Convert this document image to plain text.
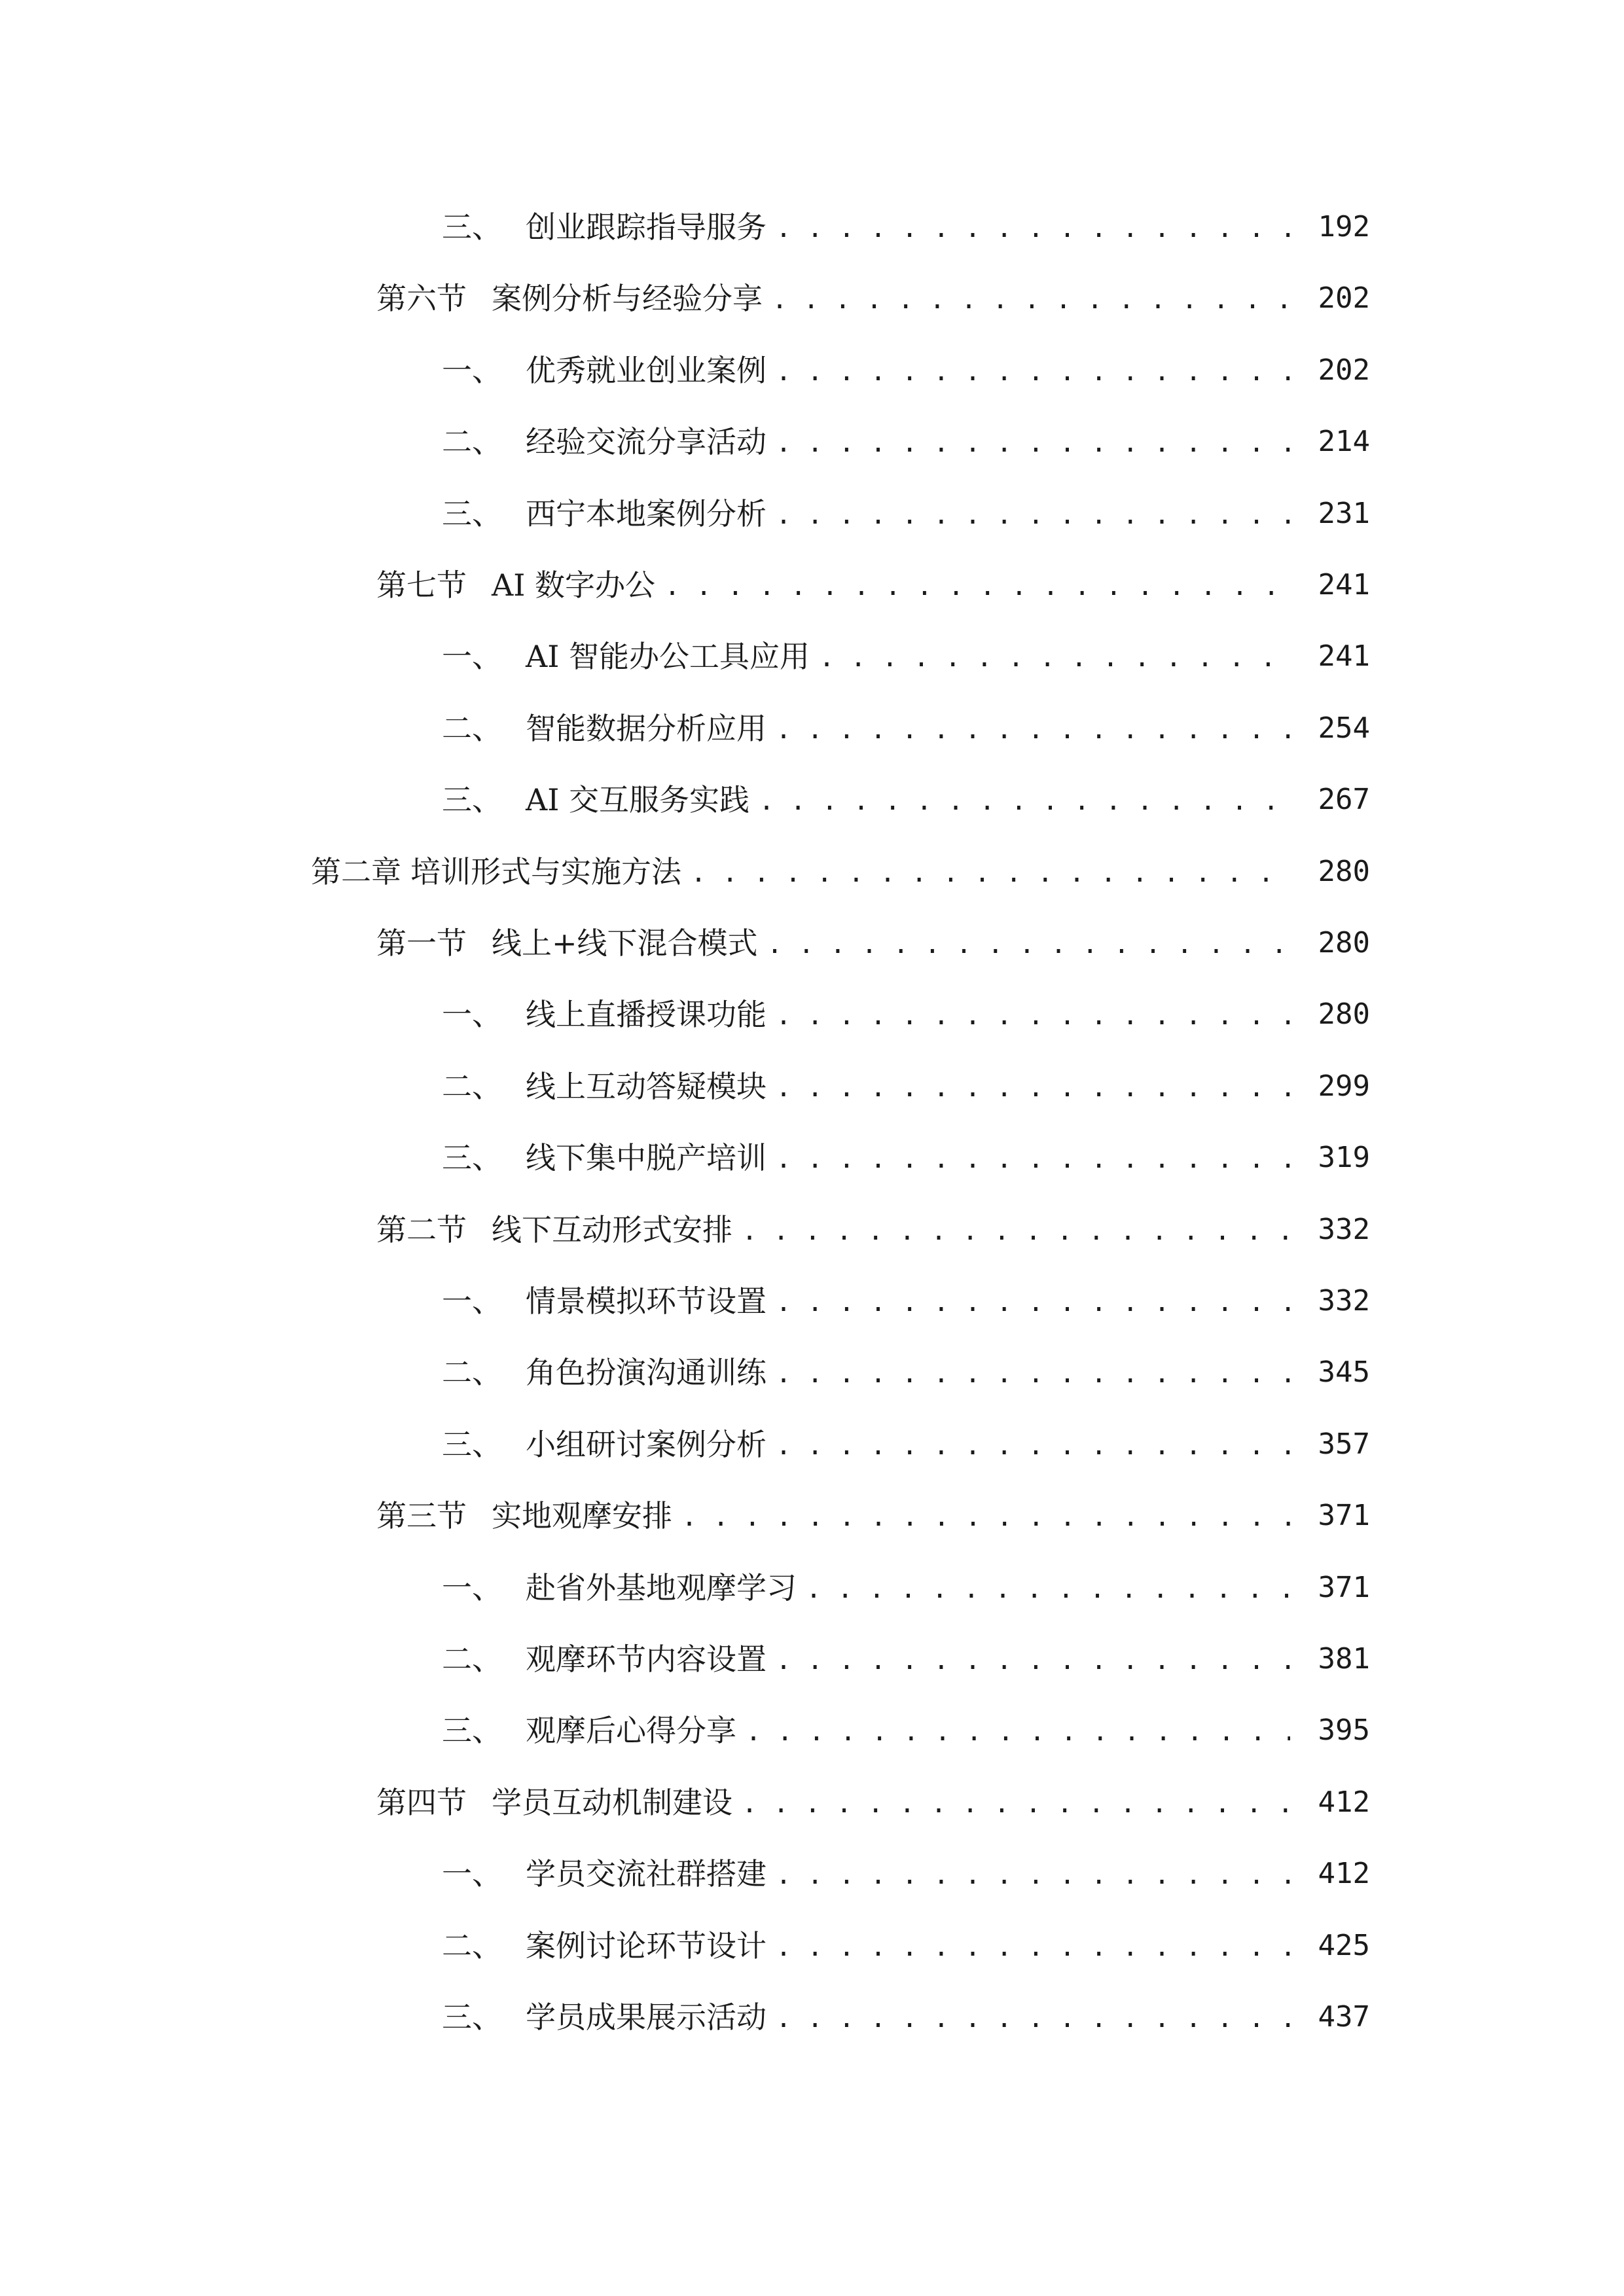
三、 创业跟踪指导服务 . . .	192
第六节 案例分析与经验分享 . . .	202
一、 优秀就业创业案例 . . .	202
二、 经验交流分享活动 . . .	214
三、 西宁本地案例分析 . . .	231
第七节 AI 数字办公 . . .	241
一、 AI 智能办公工具应用 . . .	241
二、 智能数据分析应用 . . .	254
三、 AI 交互服务实践 . . .	267
第二章 培训形式与实施方法 . . .	280
第一节 线上+线下混合模式 . . .	280
一、 线上直播授课功能 . . .	280
二、 线上互动答疑模块 . . .	299
三、 线下集中脱产培训 . . .	319
第二节 线下互动形式安排 . . .	332
一、 情景模拟环节设置 . . .	332
二、 角色扮演沟通训练 . . .	345
三、 小组研讨案例分析 . . .	357
第三节 实地观摩安排 . . .	371
一、 赴省外基地观摩学习 . . .	371
二、 观摩环节内容设置 . . .	381
三、 观摩后心得分享 . . .	395
第四节 学员互动机制建设 . . .	412
一、 学员交流社群搭建 . . .	412
二、 案例讨论环节设计 . . .	425
三、 学员成果展示活动 . . .	437
